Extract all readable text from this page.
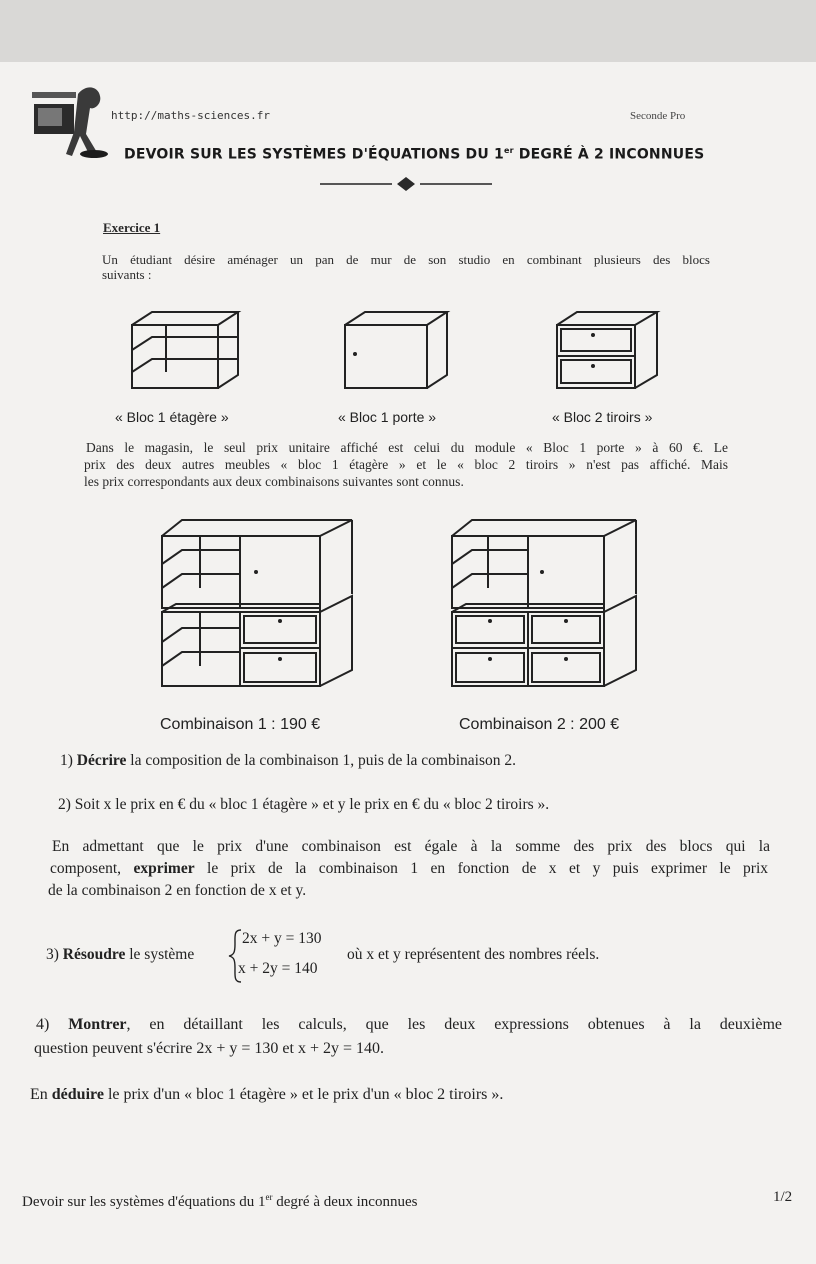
http://maths-sciences.fr	Seconde Pro
DEVOIR SUR LES SYSTÈMES D'ÉQUATIONS DU 1er DEGRÉ À 2 INCONNUES
Exercice 1
Un étudiant désire aménager un pan de mur de son studio en combinant plusieurs des blocs
suivants :
« Bloc 1 étagère »	« Bloc 1 porte »	« Bloc 2 tiroirs »
Dans le magasin, le seul prix unitaire affiché est celui du module « Bloc 1 porte » à 60 €. Le
prix des deux autres meubles « bloc 1 étagère » et le « bloc 2 tiroirs » n'est pas affiché. Mais
les prix correspondants aux deux combinaisons suivantes sont connus.
Combinaison 1 : 190 €	Combinaison 2 : 200 €
1) Décrire la composition de la combinaison 1, puis de la combinaison 2.
2) Soit x le prix en € du « bloc 1 étagère » et y le prix en € du « bloc 2 tiroirs ».
En admettant que le prix d'une combinaison est égale à la somme des prix des blocs qui la
composent, exprimer le prix de la combinaison 1 en fonction de x et y puis exprimer le prix
de la combinaison 2 en fonction de x et y.
3) Résoudre le système
2x + y = 130
x + 2y = 140
où x et y représentent des nombres réels.
4) Montrer, en détaillant les calculs, que les deux expressions obtenues à la deuxième
question peuvent s'écrire 2x + y = 130 et x + 2y = 140.
En déduire le prix d'un « bloc 1 étagère » et le prix d'un « bloc 2 tiroirs ».
Devoir sur les systèmes d'équations du 1er degré à deux inconnues	1/2
